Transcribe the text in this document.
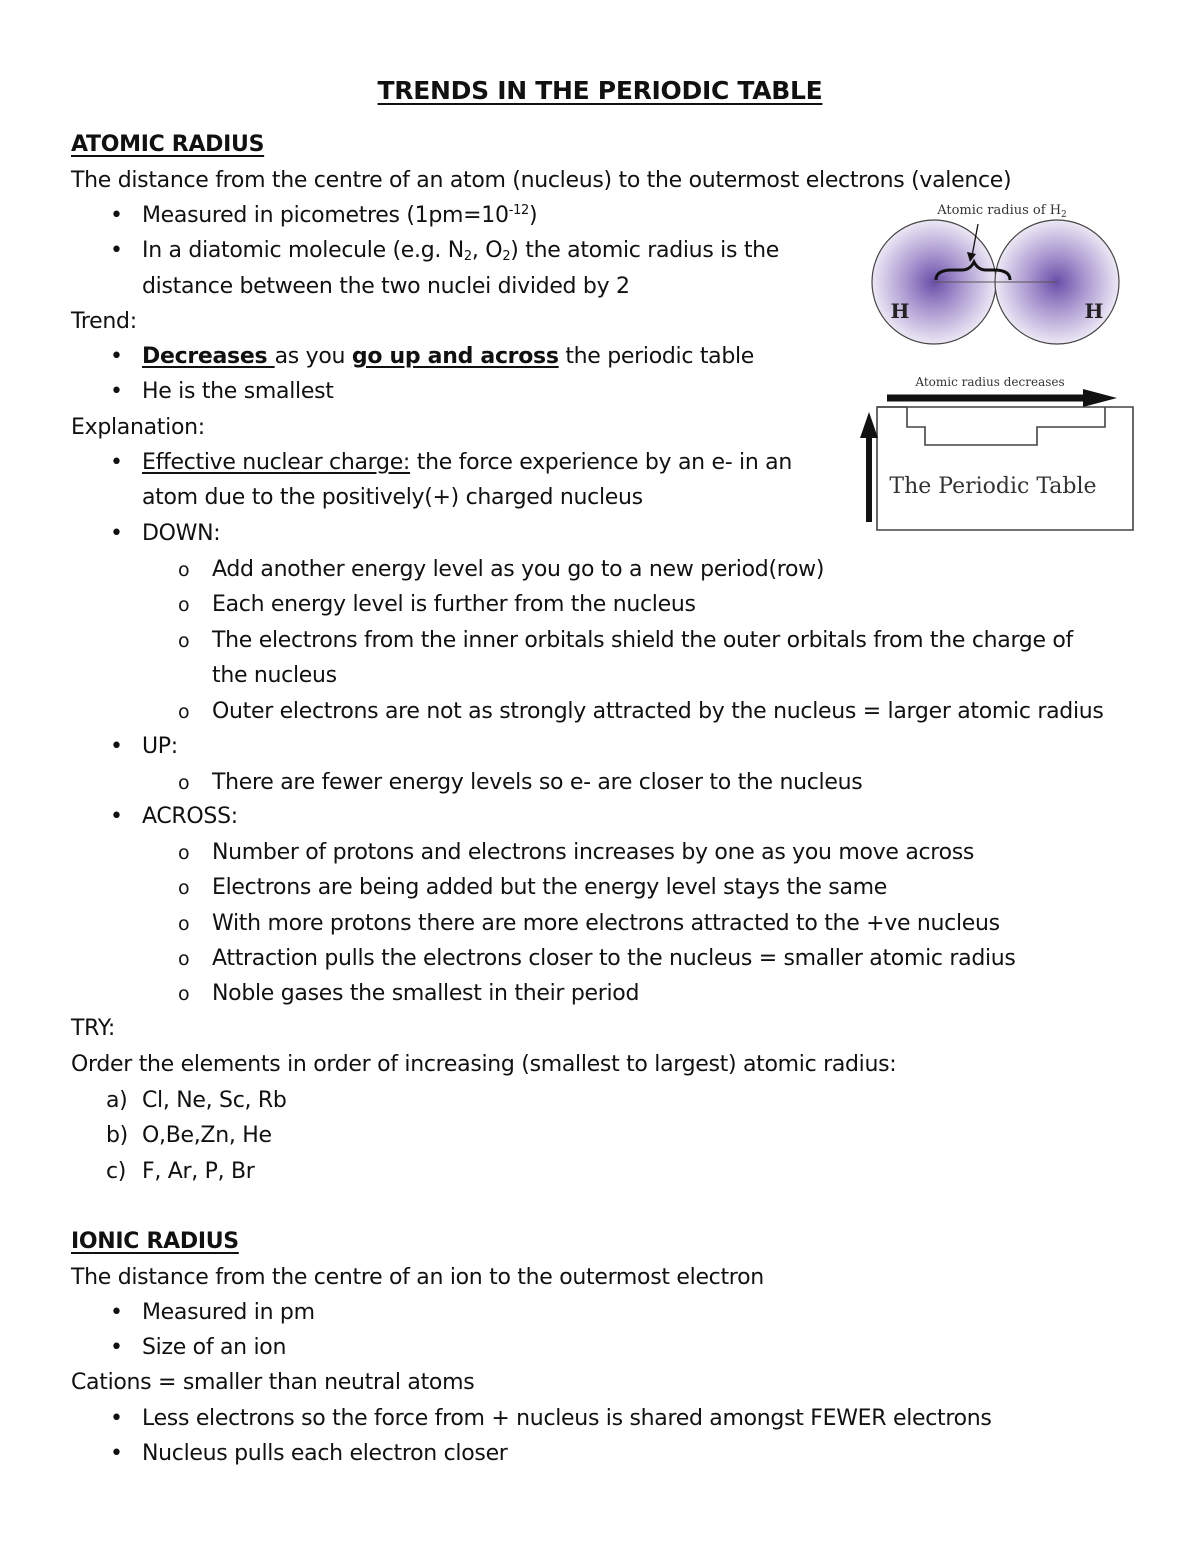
TRENDS IN THE PERIODIC TABLE
ATOMIC RADIUS
The distance from the centre of an atom (nucleus) to the outermost electrons (valence)
• Measured in picometres $(1pm=10^{-12})$
• In a diatomic molecule (e.g. $N_2$, $O_2$) the atomic radius is the
distance between the two nuclei divided by 2
Trend:
• Decreases as you go up and across the periodic table
• He is the smallest
Explanation:
• Effective nuclear charge: the force experience by an e- in an
atom due to the positively(+) charged nucleus
• DOWN:
o Add another energy level as you go to a new period(row)
o Each energy level is further from the nucleus
o The electrons from the inner orbitals shield the outer orbitals from the charge of
the nucleus
o Outer electrons are not as strongly attracted by the nucleus = larger atomic radius
• UP:
o There are fewer energy levels so e- are closer to the nucleus
• ACROSS:
o Number of protons and electrons increases by one as you move across
o Electrons are being added but the energy level stays the same
o With more protons there are more electrons attracted to the +ve nucleus
o Attraction pulls the electrons closer to the nucleus = smaller atomic radius
o Noble gases the smallest in their period
TRY:
Order the elements in order of increasing (smallest to largest) atomic radius:
a) Cl, Ne, Sc, Rb
b) O,Be,Zn, He
c) F, Ar, P, Br
IONIC RADIUS
The distance from the centre of an ion to the outermost electron
• Measured in pm
• Size of an ion
Cations = smaller than neutral atoms
• Less electrons so the force from + nucleus is shared amongst FEWER electrons
• Nucleus pulls each electron closer
Atomic radius of $H_2$
H	H
Atomic radius decreases
The Periodic Table
